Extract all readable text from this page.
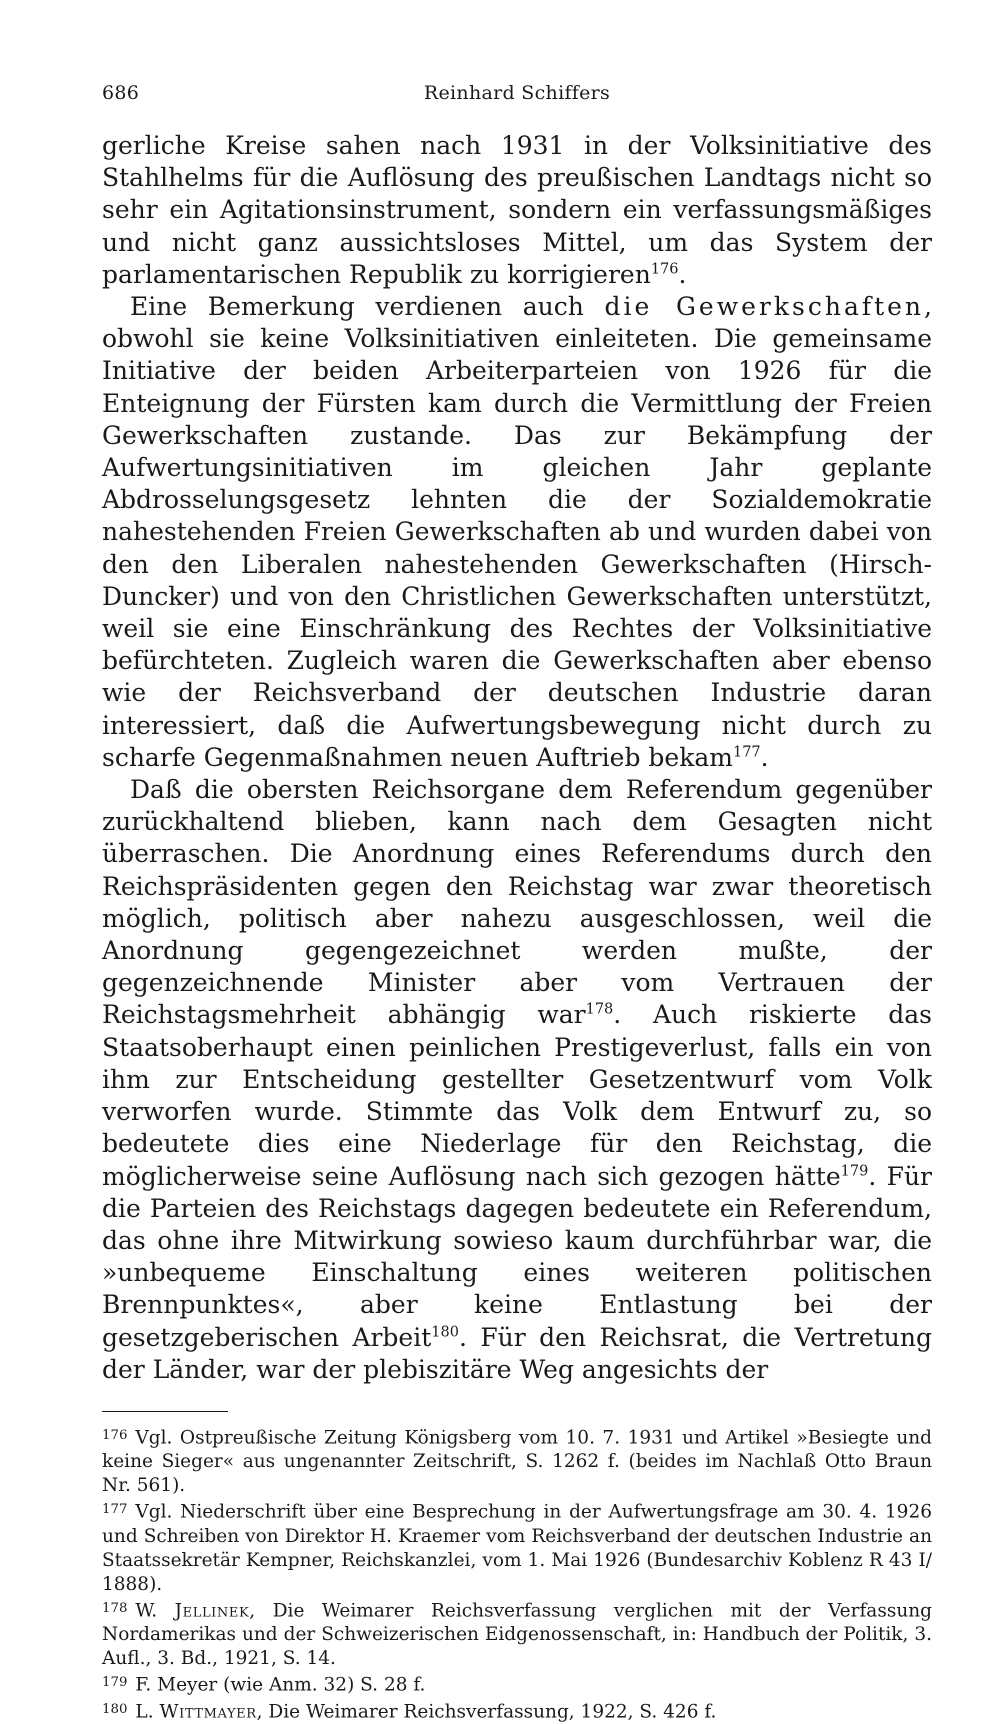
686	Reinhard Schiffers

gerliche Kreise sahen nach 1931 in der Volksinitiative des Stahlhelms für die Auflösung des preußischen Landtags nicht so sehr ein Agitationsinstrument, sondern ein verfassungsmäßiges und nicht ganz aussichtsloses Mittel, um das System der parlamentarischen Republik zu korrigieren$^{176}$.

Eine Bemerkung verdienen auch die Gewerkschaften, obwohl sie keine Volksinitiativen einleiteten. Die gemeinsame Initiative der beiden Arbeiterparteien von 1926 für die Enteignung der Fürsten kam durch die Vermittlung der Freien Gewerkschaften zustande. Das zur Bekämpfung der Aufwertungsinitiativen im gleichen Jahr geplante Abdrosselungsgesetz lehnten die der Sozialdemokratie nahestehenden Freien Gewerkschaften ab und wurden dabei von den den Liberalen nahestehenden Gewerkschaften (Hirsch-Duncker) und von den Christlichen Gewerkschaften unterstützt, weil sie eine Einschränkung des Rechtes der Volksinitiative befürchteten. Zugleich waren die Gewerkschaften aber ebenso wie der Reichsverband der deutschen Industrie daran interessiert, daß die Aufwertungsbewegung nicht durch zu scharfe Gegenmaßnahmen neuen Auftrieb bekam$^{177}$.

Daß die obersten Reichsorgane dem Referendum gegenüber zurückhaltend blieben, kann nach dem Gesagten nicht überraschen. Die Anordnung eines Referendums durch den Reichspräsidenten gegen den Reichstag war zwar theoretisch möglich, politisch aber nahezu ausgeschlossen, weil die Anordnung gegengezeichnet werden mußte, der gegenzeichnende Minister aber vom Vertrauen der Reichstagsmehrheit abhängig war$^{178}$. Auch riskierte das Staatsoberhaupt einen peinlichen Prestigeverlust, falls ein von ihm zur Entscheidung gestellter Gesetzentwurf vom Volk verworfen wurde. Stimmte das Volk dem Entwurf zu, so bedeutete dies eine Niederlage für den Reichstag, die möglicherweise seine Auflösung nach sich gezogen hätte$^{179}$. Für die Parteien des Reichstags dagegen bedeutete ein Referendum, das ohne ihre Mitwirkung sowieso kaum durchführbar war, die »unbequeme Einschaltung eines weiteren politischen Brennpunktes«, aber keine Entlastung bei der gesetzgeberischen Arbeit$^{180}$. Für den Reichsrat, die Vertretung der Länder, war der plebiszitäre Weg angesichts der

$^{176}$ Vgl. Ostpreußische Zeitung Königsberg vom 10. 7. 1931 und Artikel »Besiegte und keine Sieger« aus ungenannter Zeitschrift, S. 1262 f. (beides im Nachlaß Otto Braun Nr. 561).

$^{177}$ Vgl. Niederschrift über eine Besprechung in der Aufwertungsfrage am 30. 4. 1926 und Schreiben von Direktor H. Kraemer vom Reichsverband der deutschen Industrie an Staatssekretär Kempner, Reichskanzlei, vom 1. Mai 1926 (Bundesarchiv Koblenz R 43 I/ 1888).

$^{178}$ W. Jellinek, Die Weimarer Reichsverfassung verglichen mit der Verfassung Nordamerikas und der Schweizerischen Eidgenossenschaft, in: Handbuch der Politik, 3. Aufl., 3. Bd., 1921, S. 14.

$^{179}$ F. Meyer (wie Anm. 32) S. 28 f.

$^{180}$ L. Wittmayer, Die Weimarer Reichsverfassung, 1922, S. 426 f.
